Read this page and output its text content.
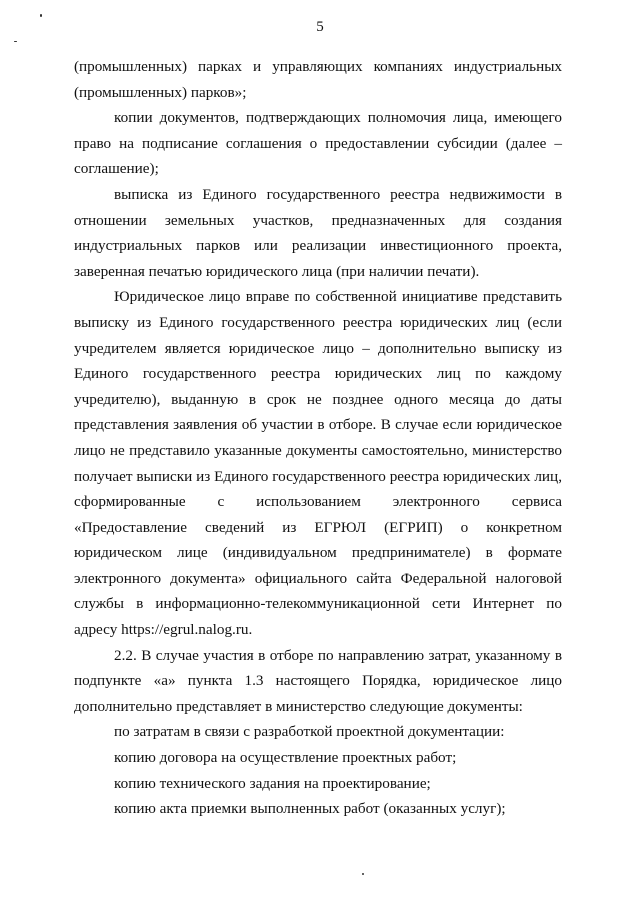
5

(промышленных) парках и управляющих компаниях индустриальных (промышленных) парков»;

копии документов, подтверждающих полномочия лица, имеющего право на подписание соглашения о предоставлении субсидии (далее – соглашение);

выписка из Единого государственного реестра недвижимости в отношении земельных участков, предназначенных для создания индустриальных парков или реализации инвестиционного проекта, заверенная печатью юридического лица (при наличии печати).

Юридическое лицо вправе по собственной инициативе представить выписку из Единого государственного реестра юридических лиц (если учредителем является юридическое лицо – дополнительно выписку из Единого государственного реестра юридических лиц по каждому учредителю), выданную в срок не позднее одного месяца до даты представления заявления об участии в отборе. В случае если юридическое лицо не представило указанные документы самостоятельно, министерство получает выписки из Единого государственного реестра юридических лиц, сформированные с использованием электронного сервиса «Предоставление сведений из ЕГРЮЛ (ЕГРИП) о конкретном юридическом лице (индивидуальном предпринимателе) в формате электронного документа» официального сайта Федеральной налоговой службы в информационно-телекоммуникационной сети Интернет по адресу https://egrul.nalog.ru.

2.2. В случае участия в отборе по направлению затрат, указанному в подпункте «а» пункта 1.3 настоящего Порядка, юридическое лицо дополнительно представляет в министерство следующие документы:

по затратам в связи с разработкой проектной документации:

копию договора на осуществление проектных работ;

копию технического задания на проектирование;

копию акта приемки выполненных работ (оказанных услуг);
